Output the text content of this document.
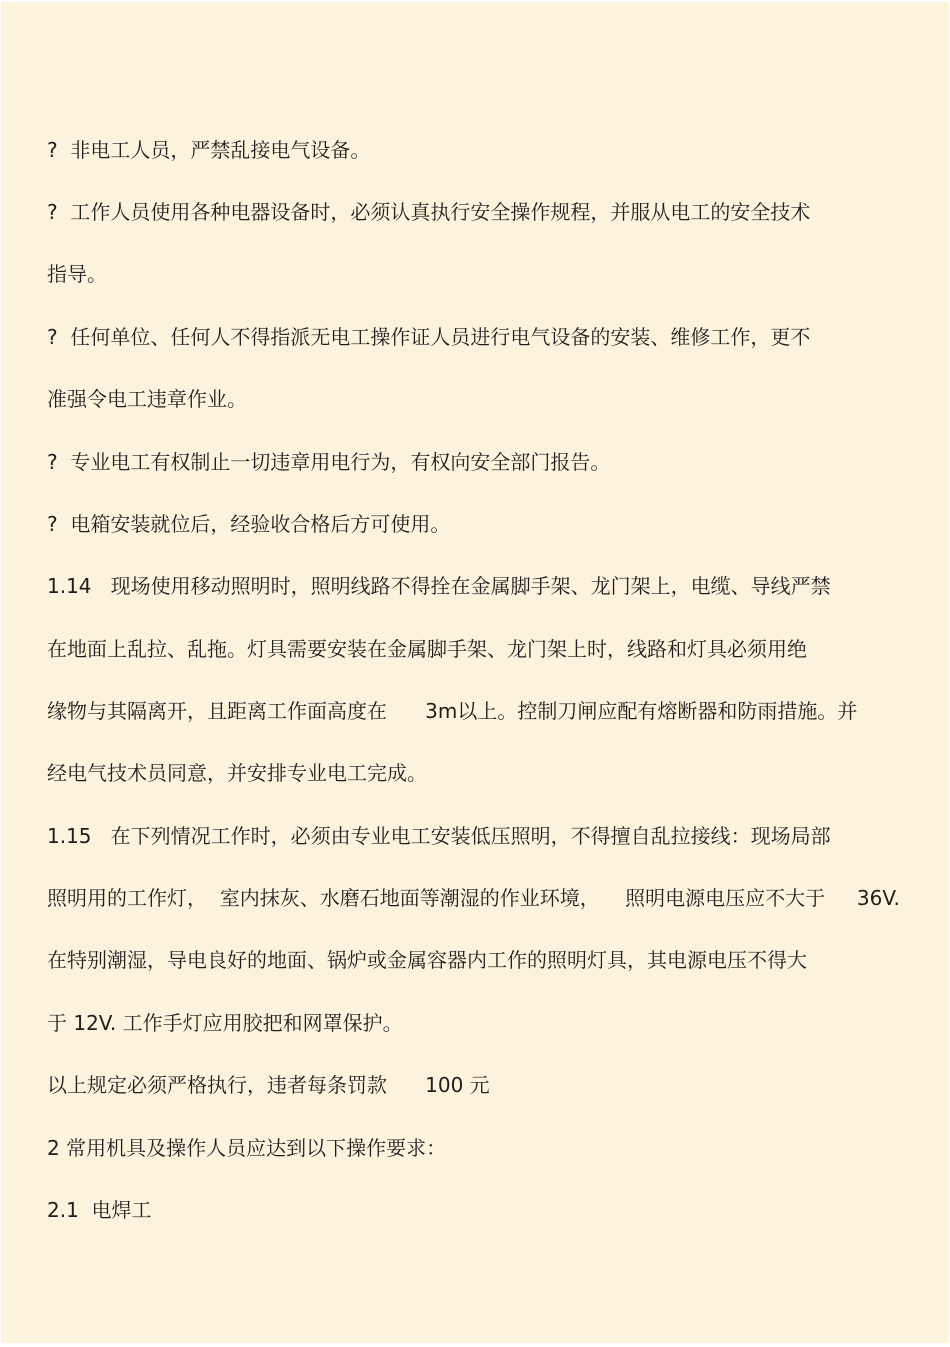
?  非电工人员，严禁乱接电气设备。
?  工作人员使用各种电器设备时，必须认真执行安全操作规程，并服从电工的安全技术
指导。
?  任何单位、任何人不得指派无电工操作证人员进行电气设备的安装、维修工作，更不
准强令电工违章作业。
?  专业电工有权制止一切违章用电行为，有权向安全部门报告。
?  电箱安装就位后，经验收合格后方可使用。
1.14   现场使用移动照明时，照明线路不得拴在金属脚手架、龙门架上，电缆、导线严禁
在地面上乱拉、乱拖。灯具需要安装在金属脚手架、龙门架上时，线路和灯具必须用绝
缘物与其隔离开，且距离工作面高度在      3m以上。控制刀闸应配有熔断器和防雨措施。并
经电气技术员同意，并安排专业电工完成。
1.15   在下列情况工作时，必须由专业电工安装低压照明，不得擅自乱拉接线：现场局部
照明用的工作灯，  室内抹灰、水磨石地面等潮湿的作业环境，    照明电源电压应不大于     36V.
在特别潮湿，导电良好的地面、锅炉或金属容器内工作的照明灯具，其电源电压不得大
于 12V. 工作手灯应用胶把和网罩保护。
以上规定必须严格执行，违者每条罚款      100 元
2 常用机具及操作人员应达到以下操作要求：
2.1  电焊工
